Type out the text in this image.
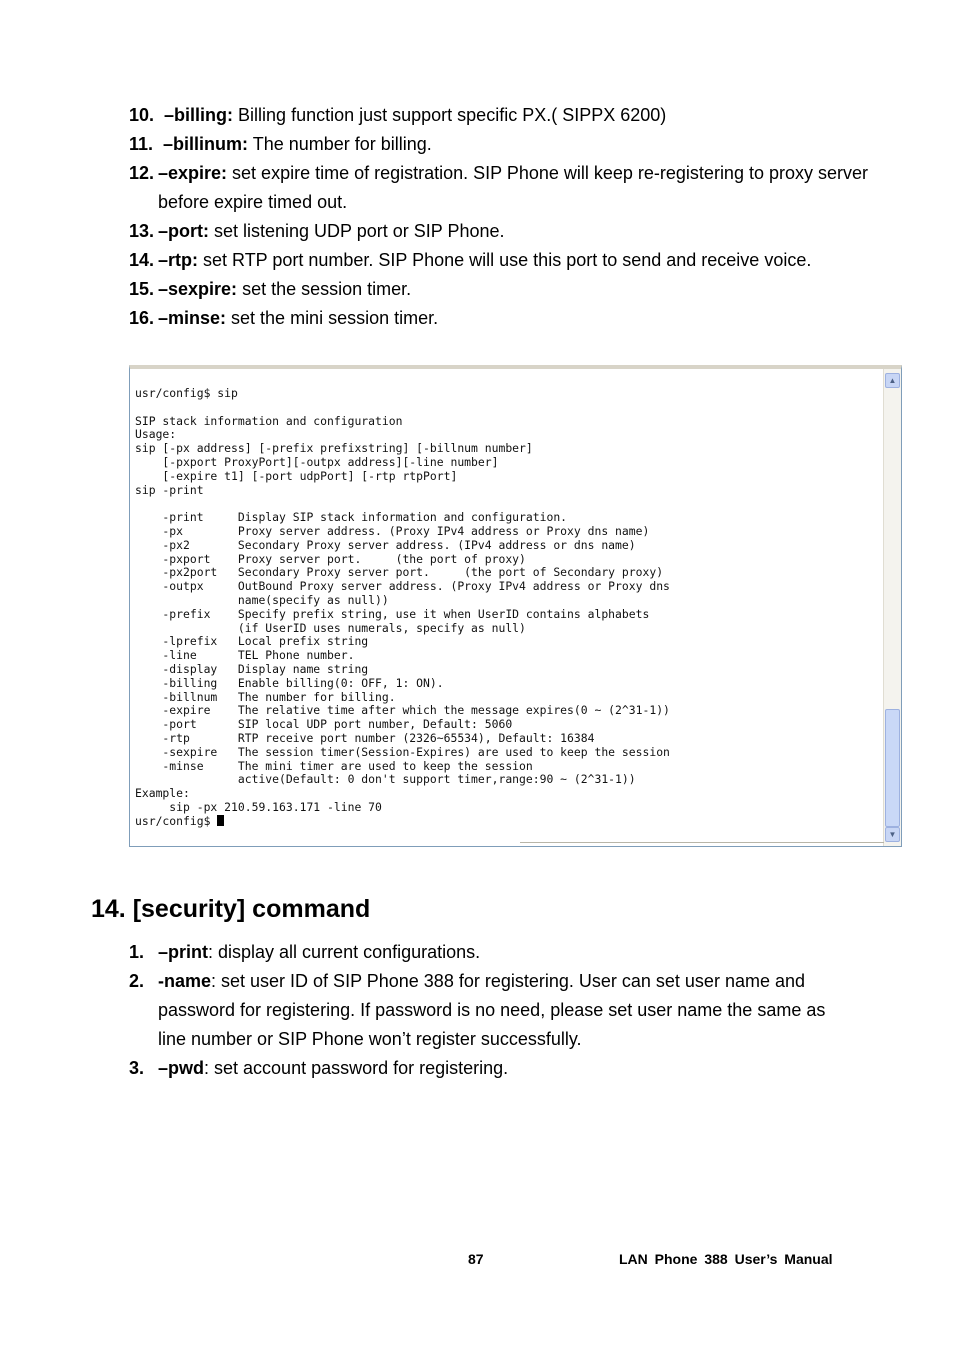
10. –billing: Billing function just support specific PX.( SIPPX 6200)
11. –billinum: The number for billing.
12. –expire: set expire time of registration. SIP Phone will keep re-registering to proxy server before expire timed out.
13. –port: set listening UDP port or SIP Phone.
14. –rtp: set RTP port number. SIP Phone will use this port to send and receive voice.
15. –sexpire: set the session timer.
16. –minse: set the mini session timer.
usr/config$ sip

SIP stack information and configuration
Usage:
sip [-px address] [-prefix prefixstring] [-billnum number]
[-pxport ProxyPort][-outpx address][-line number]
[-expire t1] [-port udpPort] [-rtp rtpPort]
sip -print

-print     Display SIP stack information and configuration.
-px        Proxy server address. (Proxy IPv4 address or Proxy dns name)
-px2       Secondary Proxy server address. (IPv4 address or dns name)
-pxport    Proxy server port.     (the port of proxy)
-px2port   Secondary Proxy server port.     (the port of Secondary proxy)
-outpx     OutBound Proxy server address. (Proxy IPv4 address or Proxy dns
name(specify as null))
-prefix    Specify prefix string, use it when UserID contains alphabets
(if UserID uses numerals, specify as null)
-lprefix   Local prefix string
-line      TEL Phone number.
-display   Display name string
-billing   Enable billing(0: OFF, 1: ON).
-billnum   The number for billing.
-expire    The relative time after which the message expires(0 ~ (2^31-1))
-port      SIP local UDP port number, Default: 5060
-rtp       RTP receive port number (2326~65534), Default: 16384
-sexpire   The session timer(Session-Expires) are used to keep the session
-minse     The mini timer are used to keep the session
active(Default: 0 don't support timer,range:90 ~ (2^31-1))
Example:
sip -px 210.59.163.171 -line 70
usr/config$
▲
▼
14. [security] command
1. –print: display all current configurations.
2. -name: set user ID of SIP Phone 388 for registering. User can set user name and password for registering. If password is no need, please set user name the same as line number or SIP Phone won’t register successfully.
3. –pwd: set account password for registering.
87	LAN Phone 388 User’s Manual
